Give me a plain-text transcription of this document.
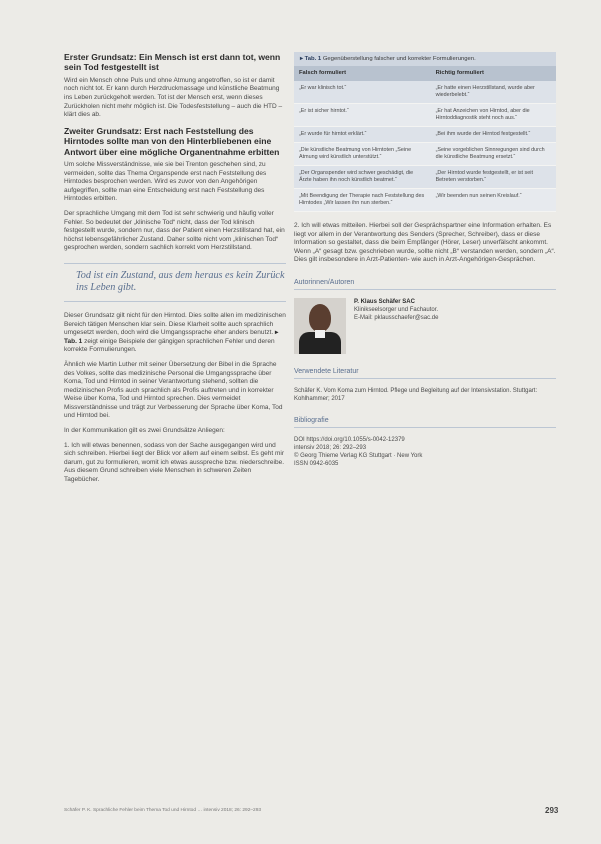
Erster Grundsatz: Ein Mensch ist erst dann tot, wenn sein Tod festgestellt ist

Wird ein Mensch ohne Puls und ohne Atmung angetroffen, so ist er damit noch nicht tot. Er kann durch Herzdruckmassage und künstliche Beatmung ins Leben zurückgeholt werden. Tot ist der Mensch erst, wenn dieses Zurückholen nicht mehr möglich ist. Die Todesfeststellung – auch die HTD – klärt dies ab.

Zweiter Grundsatz: Erst nach Feststellung des Hirntodes sollte man von den Hinterbliebenen eine Antwort über eine mögliche Organentnahme erbitten

Um solche Missverständnisse, wie sie bei Trenton geschehen sind, zu vermeiden, sollte das Thema Organspende erst nach Feststellung des Hirntodes besprochen werden. Wird es zuvor von den Angehörigen aufgegriffen, sollte man eine Entscheidung erst nach Feststellung des Hirntodes erbitten.

Der sprachliche Umgang mit dem Tod ist sehr schwierig und häufig voller Fehler. So bedeutet der „klinische Tod“ nicht, dass der Tod klinisch festgestellt wurde, sondern nur, dass der Patient einen Herzstillstand hat, ein höchst lebensgefährlicher Zustand. Daher sollte nicht vom „klinischen Tod“ gesprochen werden, sondern sachlich korrekt vom Herzstillstand.

Tod ist ein Zustand, aus dem heraus es kein Zurück ins Leben gibt.

Dieser Grundsatz gilt nicht für den Hirntod. Dies sollte allen im medizinischen Bereich tätigen Menschen klar sein. Diese Klarheit sollte auch sprachlich umgesetzt werden, doch wird die Umgangssprache eher anders benutzt. ▸ Tab. 1 zeigt einige Beispiele der gängigen sprachlichen Fehler und deren korrekte Formulierungen.

Ähnlich wie Martin Luther mit seiner Übersetzung der Bibel in die Sprache des Volkes, sollte das medizinische Personal die Umgangssprache über Koma, Tod und Hirntod in seiner Verantwortung stehend, sollten die medizinischen Profis auch sprachlich als Profis auftreten und in korrekter Weise über Koma, Tod und Hirntod sprechen. Dies vermeidet Missverständnisse und trägt zur Verbesserung der Sprache über Koma, Tod und Hirntod bei.

In der Kommunikation gilt es zwei Grundsätze Anliegen:

1. Ich will etwas benennen, sodass von der Sache ausgegangen wird und sich schreiben. Hierbei liegt der Blick vor allem auf einem selbst. Es geht mir darum, gut zu formulieren, womit ich etwas ausspreche bzw. niederschreibe. Aus diesem Grund schreiben viele Menschen in schweren Zeiten Tagebücher.

▸ Tab. 1 Gegenüberstellung falscher und korrekter Formulierungen.
Falsch formuliert	Richtig formuliert
„Er war klinisch tot.“	„Er hatte einen Herzstillstand, wurde aber wiederbelebt.“
„Er ist sicher hirntot.“	„Er hat Anzeichen von Hirntod, aber die Hirntoddiagnostik steht noch aus.“
„Er wurde für hirntot erklärt.“	„Bei ihm wurde der Hirntod festgestellt.“
„Die künstliche Beatmung von Hirntoten „Seine Atmung wird künstlich unterstützt.“	„Seine vorgeblichen Sinnregungen sind durch die künstliche Beatmung ersetzt.“
„Der Organspender wird schwer geschädigt, die Ärzte haben ihn noch künstlich beatmet.“	„Der Hirntod wurde festgestellt, er ist seit Betreten verstorben.“
„Mit Beendigung der Therapie nach Feststellung des Hirntodes „Wir lassen ihn nun sterben.“	„Wir beenden nun seinen Kreislauf.“

2. Ich will etwas mitteilen. Hierbei soll der Gesprächspartner eine Information erhalten. Es liegt vor allem in der Verantwortung des Senders (Sprecher, Schreiber), dass er diese Information so gestaltet, dass die beim Empfänger (Hörer, Leser) unverfälscht ankommt. Wenn „A“ gesagt bzw. geschrieben wurde, sollte nicht „B“ verstanden werden, sondern „A“. Dies gilt insbesondere in Arzt-Patienten- wie auch in Arzt-Angehörigen-Gesprächen.

Autorinnen/Autoren
P. Klaus Schäfer SAC
Klinikseelsorger und Fachautor.
E-Mail: pklausschaefer@sac.de
Verwendete Literatur

Schäfer K. Vom Koma zum Hirntod. Pflege und Begleitung auf der Intensivstation. Stuttgart: Kohlhammer; 2017

Bibliografie

DOI https://doi.org/10.1055/s-0042-12379

intensiv 2018; 26: 292–293

© Georg Thieme Verlag KG Stuttgart · New York

ISSN 0942-6035

Schäfer P. K. Sprachliche Fehler beim Thema Tod und Hirntod … intensiv 2018; 26: 292–293	293
